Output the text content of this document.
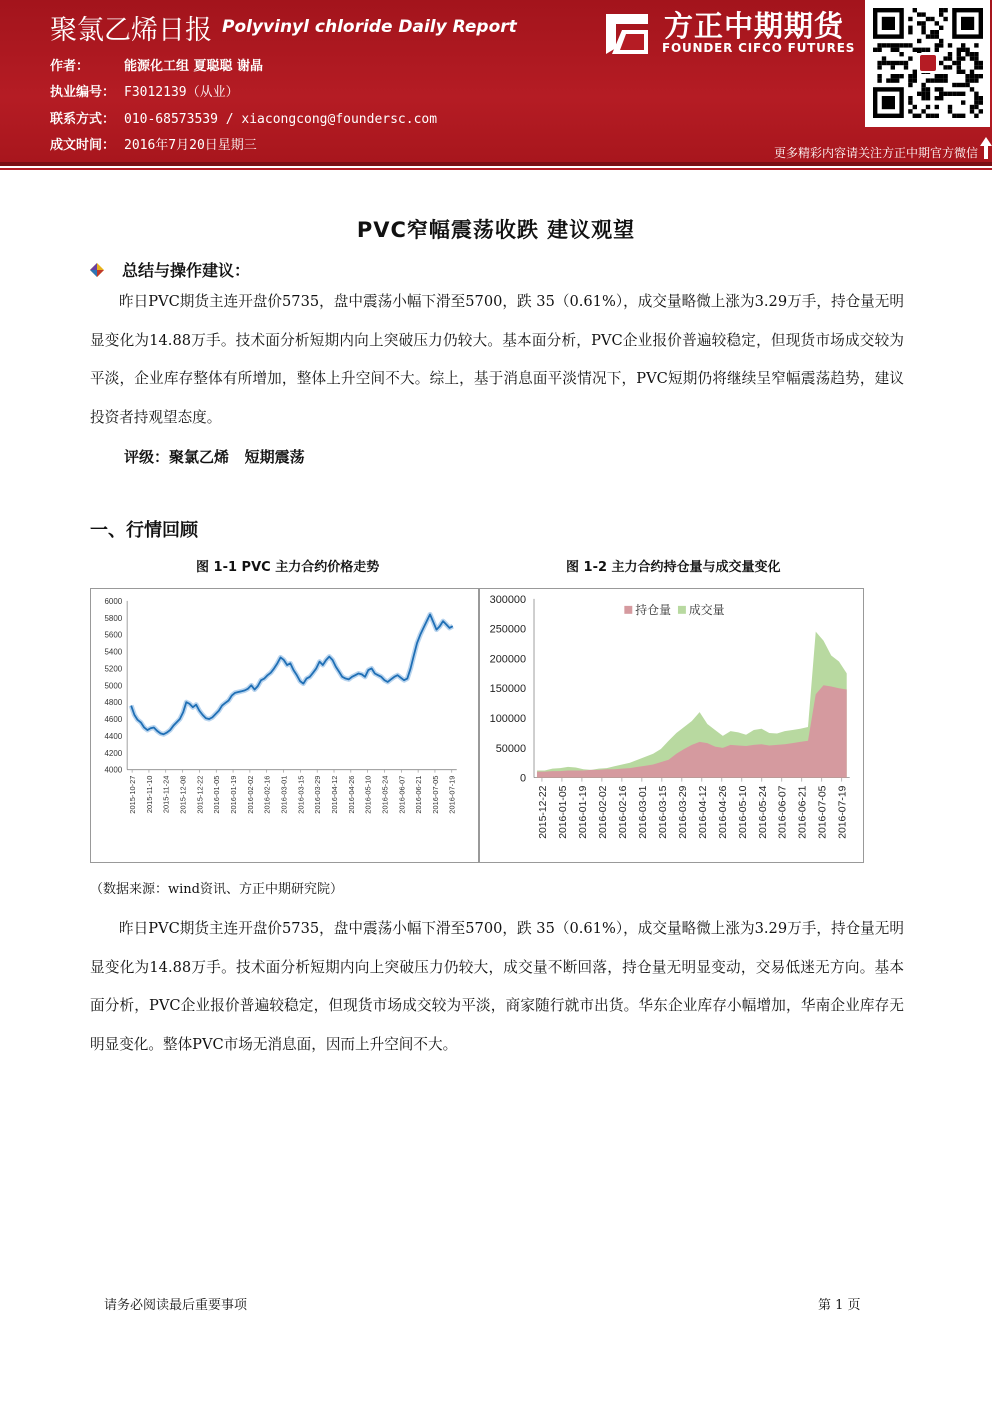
聚氯乙烯日报 Polyvinyl chloride Daily Report
作者：	能源化工组 夏聪聪 谢晶
执业编号： F3012139（从业）
联系方式： 010-68573539 / xiacongcong@foundersc.com
成文时间： 2016年7月20日星期三
方正中期期货
FOUNDER CIFCO FUTURES
更多精彩内容请关注方正中期官方微信
PVC窄幅震荡收跌 建议观望
总结与操作建议：
昨日PVC期货主连开盘价5735，盘中震荡小幅下滑至5700，跌 35（0.61%），成交量略微上涨为3.29万手，持仓量无明显变化为14.88万手。技术面分析短期内向上突破压力仍较大。基本面分析，PVC企业报价普遍较稳定，但现货市场成交较为平淡，企业库存整体有所增加，整体上升空间不大。综上，基于消息面平淡情况下，PVC短期仍将继续呈窄幅震荡趋势，建议投资者持观望态度。
评级：聚氯乙烯   短期震荡
一、行情回顾
图 1-1 PVC 主力合约价格走势	图 1-2 主力合约持仓量与成交量变化
4000
4200
4400
4600
4800
5000
5200
5400
5600
5800
6000
2015-10-27 2015-11-10 2015-11-24 2015-12-08 2015-12-22 2016-01-05 2016-01-19 2016-02-02 2016-02-16 2016-03-01 2016-03-15 2016-03-29 2016-04-12 2016-04-26 2016-05-10 2016-05-24 2016-06-07 2016-06-21 2016-07-05 2016-07-19	0
50000
100000
150000
200000
250000
300000
2015-12-22 2016-01-05 2016-01-19 2016-02-02 2016-02-16 2016-03-01 2016-03-15 2016-03-29 2016-04-12 2016-04-26 2016-05-10 2016-05-24 2016-06-07 2016-06-21 2016-07-05 2016-07-19
持仓量 成交量
（数据来源：wind资讯、方正中期研究院）
昨日PVC期货主连开盘价5735，盘中震荡小幅下滑至5700，跌 35（0.61%），成交量略微上涨为3.29万手，持仓量无明显变化为14.88万手。技术面分析短期内向上突破压力仍较大，成交量不断回落，持仓量无明显变动，交易低迷无方向。基本面分析，PVC企业报价普遍较稳定，但现货市场成交较为平淡，商家随行就市出货。华东企业库存小幅增加，华南企业库存无明显变化。整体PVC市场无消息面，因而上升空间不大。
请务必阅读最后重要事项	第 1 页
